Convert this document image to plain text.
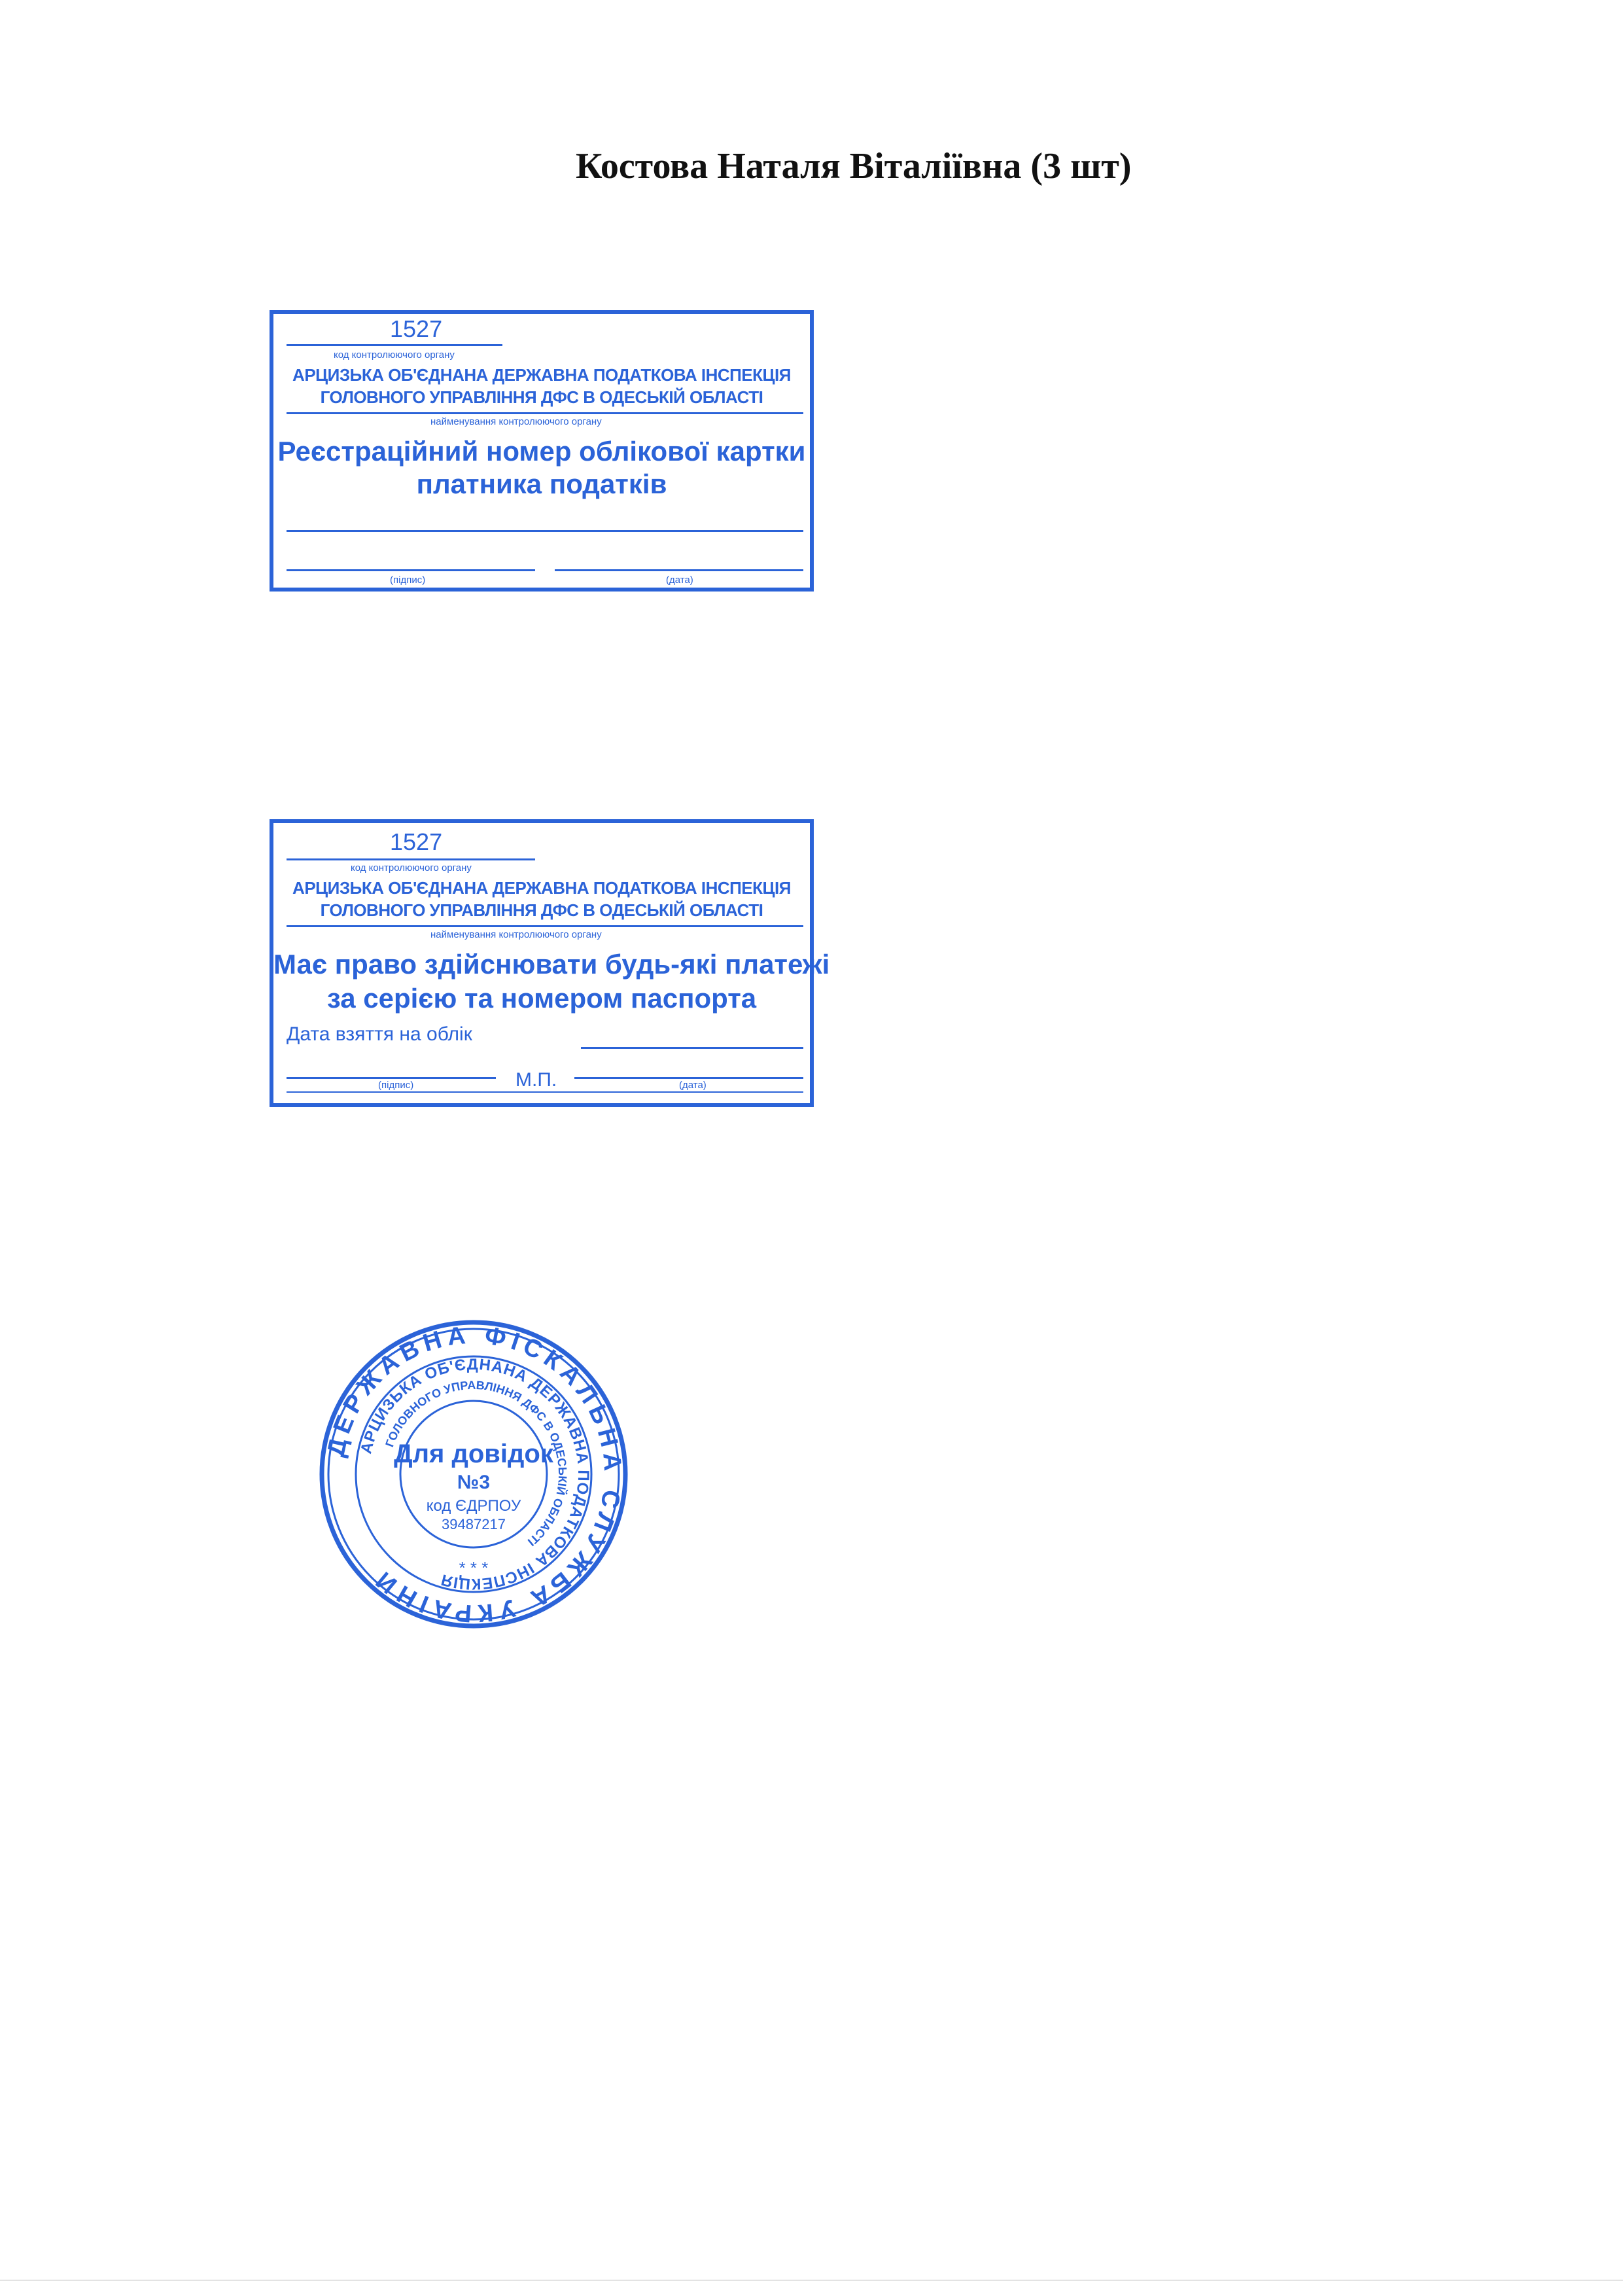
Костова Наталя Віталіївна (3 шт)
1527
код контролюючого органу
АРЦИЗЬКА ОБ'ЄДНАНА ДЕРЖАВНА ПОДАТКОВА ІНСПЕКЦІЯ
ГОЛОВНОГО УПРАВЛІННЯ ДФС В ОДЕСЬКІЙ ОБЛАСТІ
найменування контролюючого органу
Реєстраційний номер облікової картки
платника податків
(підпис)	(дата)
1527
код контролюючого органу
АРЦИЗЬКА ОБ'ЄДНАНА ДЕРЖАВНА ПОДАТКОВА ІНСПЕКЦІЯ
ГОЛОВНОГО УПРАВЛІННЯ ДФС В ОДЕСЬКІЙ ОБЛАСТІ
найменування контролюючого органу
Має право здійснювати будь-які платежі
за серією та номером паспорта
Дата взяття на облік
(підпис)	М.П.	(дата)
ДЕРЖАВНА ФІСКАЛЬНА СЛУЖБА УКРАЇНИ
АРЦИЗЬКА ОБ'ЄДНАНА ДЕРЖАВНА ПОДАТКОВА ІНСПЕКЦІЯ
ГОЛОВНОГО УПРАВЛІННЯ ДФС В ОДЕСЬКІЙ ОБЛАСТІ
Для довідок
№3
код ЄДРПОУ
39487217
* * *
